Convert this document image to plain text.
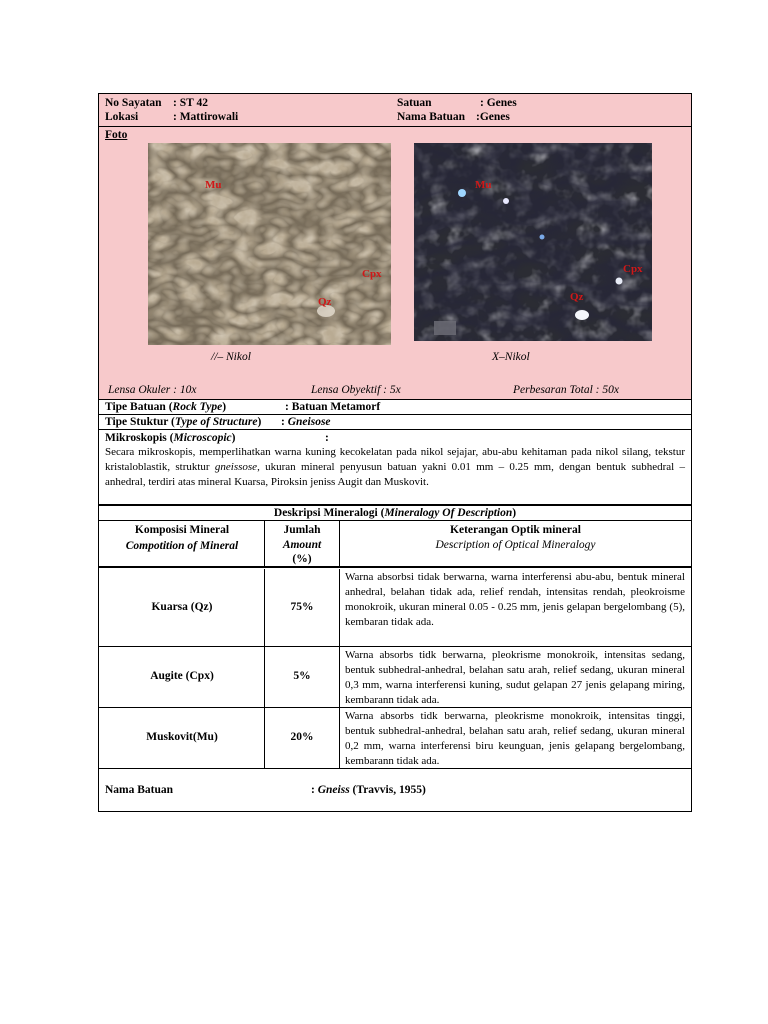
No Sayatan : ST 42
Lokasi	: Mattirowali
Satuan	: Genes
Nama Batuan :Genes
Foto
Mu
Cpx
Qz
Mu
Cpx
Qz
//– Nikol	X–Nikol
Lensa Okuler : 10x	Lensa Obyektif : 5x	Perbesaran Total : 50x
Tipe Batuan (Rock Type)	: Batuan Metamorf
Tipe Stuktur (Type of Structure) : Gneisose
Mikroskopis (Microscopic)	:
Secara mikroskopis, memperlihatkan warna kuning kecokelatan pada nikol sejajar, abu-abu kehitaman pada nikol silang, tekstur kristaloblastik, struktur gneissose, ukuran mineral penyusun batuan yakni 0.01 mm – 0.25 mm, dengan bentuk subhedral – anhedral, terdiri atas mineral Kuarsa, Piroksin jeniss Augit dan Muskovit.
Deskripsi Mineralogi (Mineralogy Of Description)
Komposisi Mineral
Compotition of Mineral
Jumlah
Amount
(%)
Keterangan Optik mineral
Description of Optical Mineralogy
Kuarsa (Qz)	75%
Warna absorbsi tidak berwarna, warna interferensi abu-abu, bentuk mineral anhedral, belahan tidak ada, relief rendah, intensitas rendah, pleokroisme monokroik, ukuran mineral 0.05 - 0.25 mm, jenis gelapan bergelombang (5), kembaran tidak ada.
Augite (Cpx)	5%
Warna absorbs tidk berwarna, pleokrisme monokroik, intensitas sedang, bentuk subhedral-anhedral, belahan satu arah, relief sedang, ukuran mineral 0,3 mm, warna interferensi kuning, sudut gelapan 27 jenis gelapang miring, kembarann tidak ada.
Muskovit(Mu)	20%
Warna absorbs tidk berwarna, pleokrisme monokroik, intensitas tinggi, bentuk subhedral-anhedral, belahan satu arah, relief sedang, ukuran mineral 0,2 mm, warna interferensi biru keunguan, jenis gelapang bergelombang, kembarann tidak ada.
Nama Batuan	: Gneiss (Travvis, 1955)
